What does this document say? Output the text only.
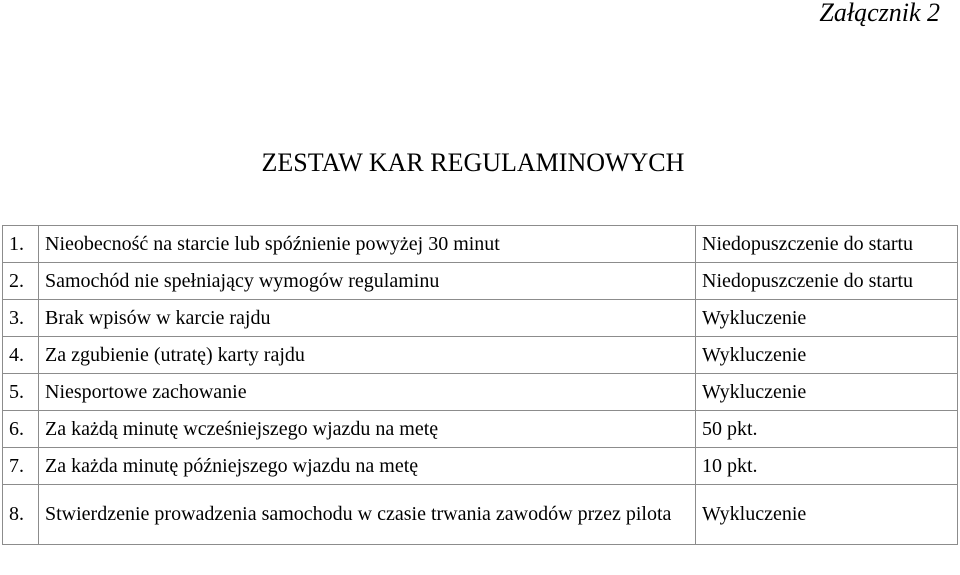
Załącznik 2
ZESTAW KAR REGULAMINOWYCH
1.	Nieobecność na starcie lub spóźnienie powyżej 30 minut	Niedopuszczenie do startu
2.	Samochód nie spełniający wymogów regulaminu	Niedopuszczenie do startu
3.	Brak wpisów w karcie rajdu	Wykluczenie
4.	Za zgubienie (utratę) karty rajdu	Wykluczenie
5.	Niesportowe zachowanie	Wykluczenie
6.	Za każdą minutę wcześniejszego wjazdu na metę	50 pkt.
7.	Za każda minutę późniejszego wjazdu na metę	10 pkt.
8.	Stwierdzenie prowadzenia samochodu w czasie trwania zawodów przez pilota	Wykluczenie
